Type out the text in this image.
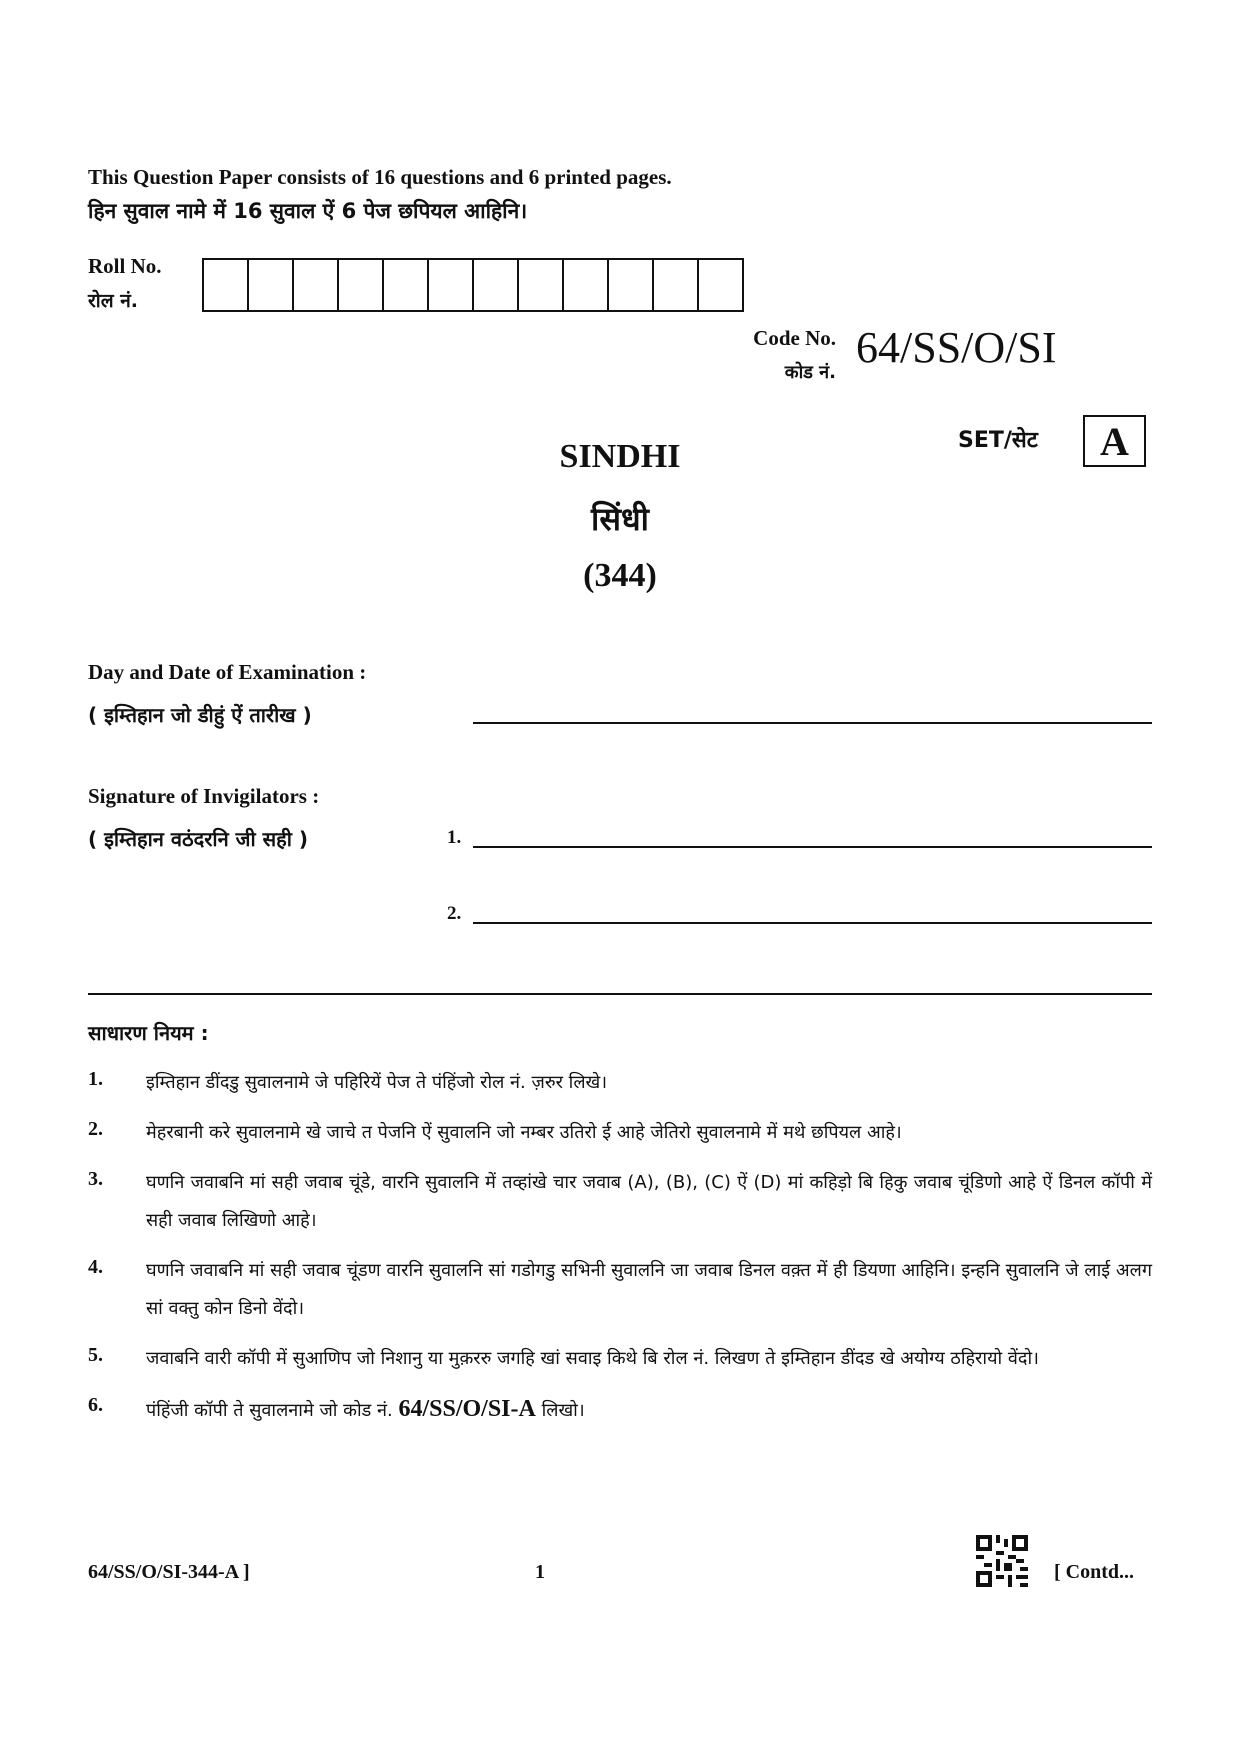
This Question Paper consists of 16 questions and 6 printed pages.
हिन सुवाल नामे में 16 सुवाल ऐं 6 पेज छपियल आहिनि।
Roll No.
रोल नं.
Code No.
कोड नं.
64/SS/O/SI
SET/सेट	A
SINDHI
सिंधी
(344)
Day and Date of Examination :
( इम्तिहान जो डीहुं ऐं तारीख )
Signature of Invigilators :
( इम्तिहान वठंदरनि जी सही )	1.
2.
साधारण नियम :
1.	इम्तिहान डींदडु सुवालनामे जे पहिरियें पेज ते पंहिंजो रोल नं. ज़रुर लिखे।
2.	मेहरबानी करे सुवालनामे खे जाचे त पेजनि ऐं सुवालनि जो नम्बर उतिरो ई आहे जेतिरो सुवालनामे में मथे छपियल आहे।
3.	घणनि जवाबनि मां सही जवाब चूंडे, वारनि सुवालनि में तव्हांखे चार जवाब (A), (B), (C) ऐं (D) मां कहिड़ो बि हिकु जवाब चूंडिणो आहे ऐं डिनल कॉपी में सही जवाब लिखिणो आहे।
4.	घणनि जवाबनि मां सही जवाब चूंडण वारनि सुवालनि सां गडोगडु सभिनी सुवालनि जा जवाब डिनल वक़्त में ही डियणा आहिनि। इन्हनि सुवालनि जे लाई अलग सां वक्तु कोन डिनो वेंदो।
5.	जवाबनि वारी कॉपी में सुआणिप जो निशानु या मुक़ररु जगहि खां सवाइ किथे बि रोल नं. लिखण ते इम्तिहान डींदड खे अयोग्य ठहिरायो वेंदो।
6.	पंहिंजी कॉपी ते सुवालनामे जो कोड नं. 64/SS/O/SI-A लिखो।
64/SS/O/SI-344-A ]	1	[ Contd...
